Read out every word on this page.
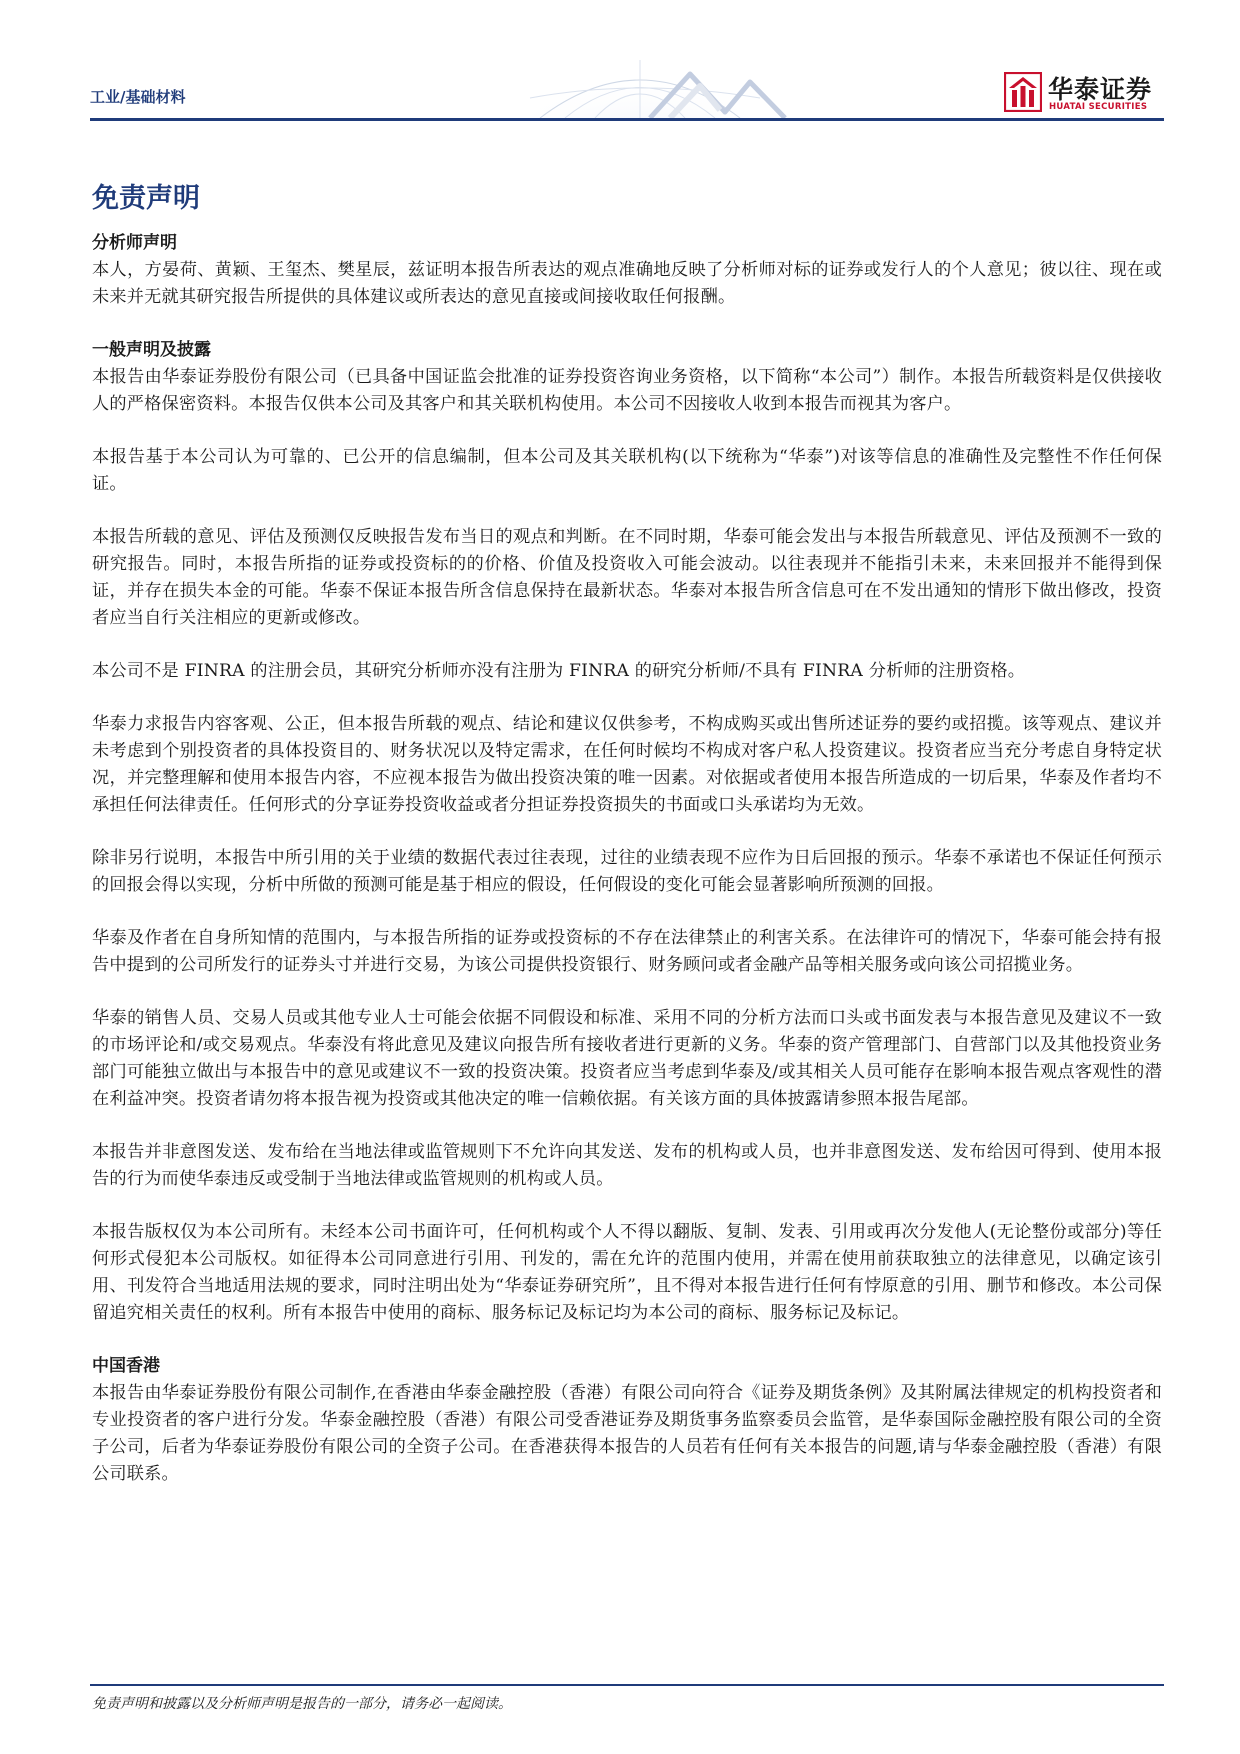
工业/基础材料	华泰证券
HUATAI SECURITIES
免责声明

分析师声明

本人，方晏荷、黄颖、王玺杰、樊星辰，兹证明本报告所表达的观点准确地反映了分析师对标的证券或发行人的个人意见；彼以往、现在或未来并无就其研究报告所提供的具体建议或所表达的意见直接或间接收取任何报酬。

一般声明及披露

本报告由华泰证券股份有限公司（已具备中国证监会批准的证券投资咨询业务资格，以下简称“本公司”）制作。本报告所载资料是仅供接收人的严格保密资料。本报告仅供本公司及其客户和其关联机构使用。本公司不因接收人收到本报告而视其为客户。

本报告基于本公司认为可靠的、已公开的信息编制，但本公司及其关联机构(以下统称为“华泰”)对该等信息的准确性及完整性不作任何保证。

本报告所载的意见、评估及预测仅反映报告发布当日的观点和判断。在不同时期，华泰可能会发出与本报告所载意见、评估及预测不一致的研究报告。同时，本报告所指的证券或投资标的的价格、价值及投资收入可能会波动。以往表现并不能指引未来，未来回报并不能得到保证，并存在损失本金的可能。华泰不保证本报告所含信息保持在最新状态。华泰对本报告所含信息可在不发出通知的情形下做出修改，投资者应当自行关注相应的更新或修改。

本公司不是 FINRA 的注册会员，其研究分析师亦没有注册为 FINRA 的研究分析师/不具有 FINRA 分析师的注册资格。

华泰力求报告内容客观、公正，但本报告所载的观点、结论和建议仅供参考，不构成购买或出售所述证券的要约或招揽。该等观点、建议并未考虑到个别投资者的具体投资目的、财务状况以及特定需求，在任何时候均不构成对客户私人投资建议。投资者应当充分考虑自身特定状况，并完整理解和使用本报告内容，不应视本报告为做出投资决策的唯一因素。对依据或者使用本报告所造成的一切后果，华泰及作者均不承担任何法律责任。任何形式的分享证券投资收益或者分担证券投资损失的书面或口头承诺均为无效。

除非另行说明，本报告中所引用的关于业绩的数据代表过往表现，过往的业绩表现不应作为日后回报的预示。华泰不承诺也不保证任何预示的回报会得以实现，分析中所做的预测可能是基于相应的假设，任何假设的变化可能会显著影响所预测的回报。

华泰及作者在自身所知情的范围内，与本报告所指的证券或投资标的不存在法律禁止的利害关系。在法律许可的情况下，华泰可能会持有报告中提到的公司所发行的证券头寸并进行交易，为该公司提供投资银行、财务顾问或者金融产品等相关服务或向该公司招揽业务。

华泰的销售人员、交易人员或其他专业人士可能会依据不同假设和标准、采用不同的分析方法而口头或书面发表与本报告意见及建议不一致的市场评论和/或交易观点。华泰没有将此意见及建议向报告所有接收者进行更新的义务。华泰的资产管理部门、自营部门以及其他投资业务部门可能独立做出与本报告中的意见或建议不一致的投资决策。投资者应当考虑到华泰及/或其相关人员可能存在影响本报告观点客观性的潜在利益冲突。投资者请勿将本报告视为投资或其他决定的唯一信赖依据。有关该方面的具体披露请参照本报告尾部。

本报告并非意图发送、发布给在当地法律或监管规则下不允许向其发送、发布的机构或人员，也并非意图发送、发布给因可得到、使用本报告的行为而使华泰违反或受制于当地法律或监管规则的机构或人员。

本报告版权仅为本公司所有。未经本公司书面许可，任何机构或个人不得以翻版、复制、发表、引用或再次分发他人(无论整份或部分)等任何形式侵犯本公司版权。如征得本公司同意进行引用、刊发的，需在允许的范围内使用，并需在使用前获取独立的法律意见，以确定该引用、刊发符合当地适用法规的要求，同时注明出处为“华泰证券研究所”，且不得对本报告进行任何有悖原意的引用、删节和修改。本公司保留追究相关责任的权利。所有本报告中使用的商标、服务标记及标记均为本公司的商标、服务标记及标记。

中国香港

本报告由华泰证券股份有限公司制作,在香港由华泰金融控股（香港）有限公司向符合《证券及期货条例》及其附属法律规定的机构投资者和专业投资者的客户进行分发。华泰金融控股（香港）有限公司受香港证券及期货事务监察委员会监管，是华泰国际金融控股有限公司的全资子公司，后者为华泰证券股份有限公司的全资子公司。在香港获得本报告的人员若有任何有关本报告的问题,请与华泰金融控股（香港）有限公司联系。

免责声明和披露以及分析师声明是报告的一部分，请务必一起阅读。
